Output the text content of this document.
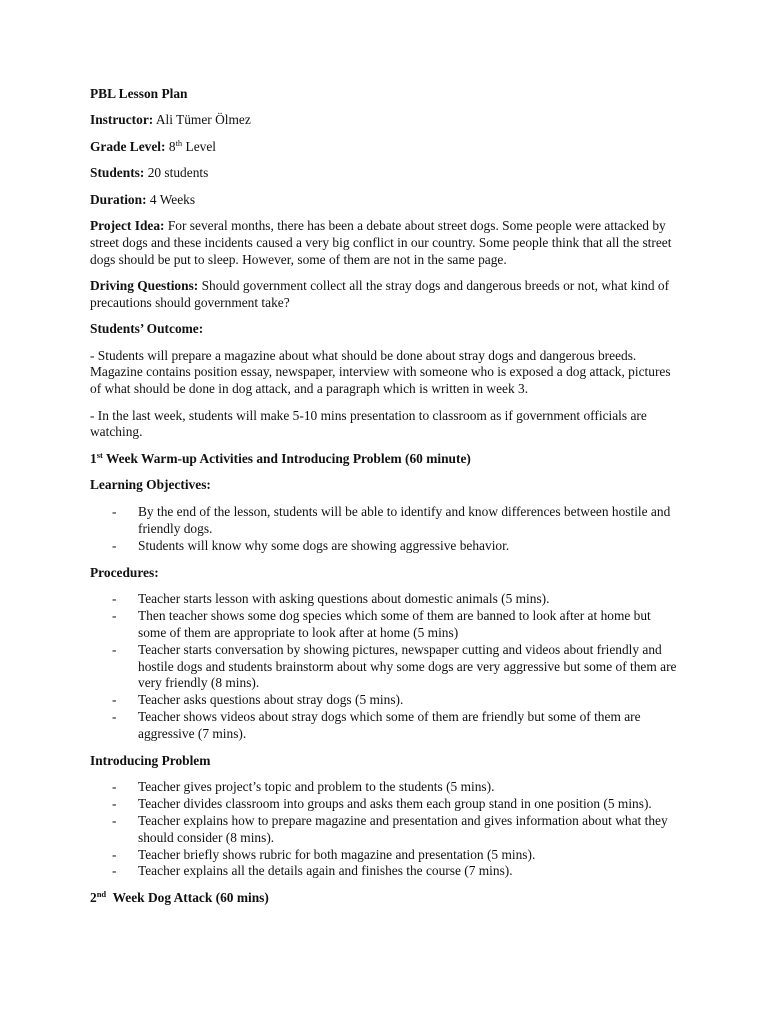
PBL Lesson Plan

Instructor: Ali Tümer Ölmez

Grade Level: 8th Level

Students: 20 students

Duration: 4 Weeks

Project Idea: For several months, there has been a debate about street dogs. Some people were attacked by street dogs and these incidents caused a very big conflict in our country. Some people think that all the street dogs should be put to sleep. However, some of them are not in the same page.

Driving Questions: Should government collect all the stray dogs and dangerous breeds or not, what kind of precautions should government take?

Students’ Outcome:

- Students will prepare a magazine about what should be done about stray dogs and dangerous breeds. Magazine contains position essay, newspaper, interview with someone who is exposed a dog attack, pictures of what should be done in dog attack, and a paragraph which is written in week 3.

- In the last week, students will make 5-10 mins presentation to classroom as if government officials are watching.

1st Week Warm-up Activities and Introducing Problem (60 minute)

Learning Objectives:

- By the end of the lesson, students will be able to identify and know differences between hostile and friendly dogs.
- Students will know why some dogs are showing aggressive behavior.

Procedures:

- Teacher starts lesson with asking questions about domestic animals (5 mins).
- Then teacher shows some dog species which some of them are banned to look after at home but some of them are appropriate to look after at home (5 mins)
- Teacher starts conversation by showing pictures, newspaper cutting and videos about friendly and hostile dogs and students brainstorm about why some dogs are very aggressive but some of them are very friendly (8 mins).
- Teacher asks questions about stray dogs (5 mins).
- Teacher shows videos about stray dogs which some of them are friendly but some of them are aggressive (7 mins).

Introducing Problem

- Teacher gives project’s topic and problem to the students (5 mins).
- Teacher divides classroom into groups and asks them each group stand in one position (5 mins).
- Teacher explains how to prepare magazine and presentation and gives information about what they should consider (8 mins).
- Teacher briefly shows rubric for both magazine and presentation (5 mins).
- Teacher explains all the details again and finishes the course (7 mins).

2nd  Week Dog Attack (60 mins)
